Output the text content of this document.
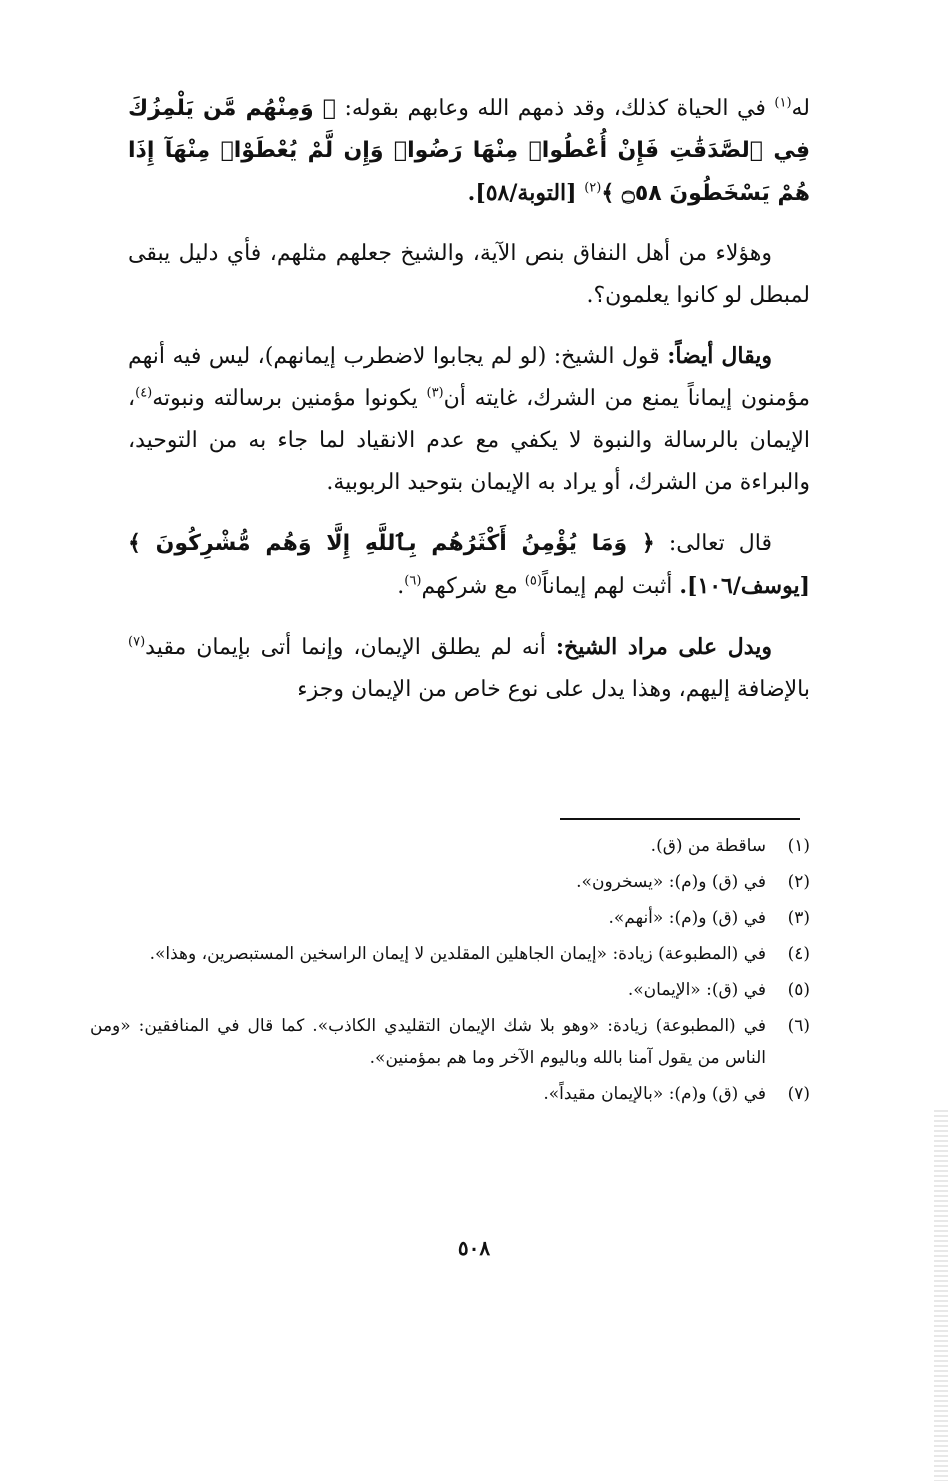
له$^{(١)}$ في الحياة كذلك، وقد ذمهم الله وعابهم بقوله: ﴿ وَمِنْهُم مَّن يَلْمِزُكَ فِي ٱلصَّدَقَٰتِ فَإِنْ أُعْطُوا۟ مِنْهَا رَضُوا۟ وَإِن لَّمْ يُعْطَوْا۟ مِنْهَآ إِذَا هُمْ يَسْخَطُونَ ۝٥٨ ﴾$^{(٢)}$ [التوبة/٥٨].

وهؤلاء من أهل النفاق بنص الآية، والشيخ جعلهم مثلهم، فأي دليل يبقى لمبطل لو كانوا يعلمون؟.

ويقال أيضاً: قول الشيخ: (لو لم يجابوا لاضطرب إيمانهم)، ليس فيه أنهم مؤمنون إيماناً يمنع من الشرك، غايته أن$^{(٣)}$ يكونوا مؤمنين برسالته ونبوته$^{(٤)}$، الإيمان بالرسالة والنبوة لا يكفي مع عدم الانقياد لما جاء به من التوحيد، والبراءة من الشرك، أو يراد به الإيمان بتوحيد الربوبية.

قال تعالى: ﴿ وَمَا يُؤْمِنُ أَكْثَرُهُم بِٱللَّهِ إِلَّا وَهُم مُّشْرِكُونَ ﴾ [يوسف/١٠٦]. أثبت لهم إيماناً$^{(٥)}$ مع شركهم$^{(٦)}$.

ويدل على مراد الشيخ: أنه لم يطلق الإيمان، وإنما أتى بإيمان مقيد$^{(٧)}$ بالإضافة إليهم، وهذا يدل على نوع خاص من الإيمان وجزء

(١)
ساقطة من (ق).
(٢)
في (ق) و(م): «يسخرون».
(٣)
في (ق) و(م): «أنهم».
(٤)
في (المطبوعة) زيادة: «إيمان الجاهلين المقلدين لا إيمان الراسخين المستبصرين، وهذا».
(٥)
في (ق): «الإيمان».
(٦)
في (المطبوعة) زيادة: «وهو بلا شك الإيمان التقليدي الكاذب». كما قال في المنافقين: «ومن الناس من يقول آمنا بالله وباليوم الآخر وما هم بمؤمنين».
(٧)
في (ق) و(م): «بالإيمان مقيداً».
٥٠٨
